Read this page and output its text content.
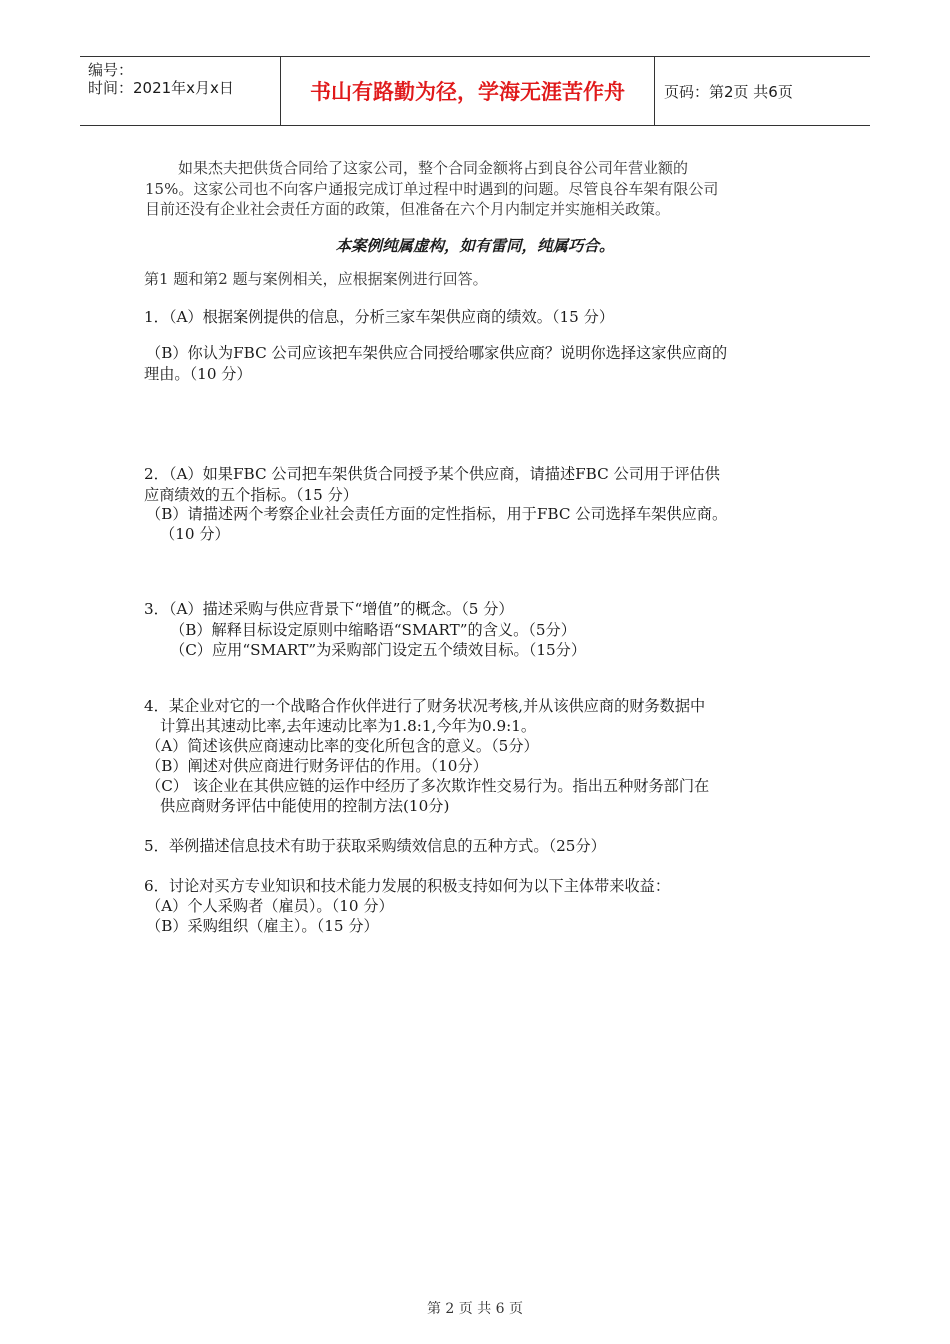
编号：
时间：2021年x月x日	书山有路勤为径，学海无涯苦作舟	页码：第2页 共6页
如果杰夫把供货合同给了这家公司，整个合同金额将占到良谷公司年营业额的
15%。这家公司也不向客户通报完成订单过程中时遇到的问题。尽管良谷车架有限公司
目前还没有企业社会责任方面的政策，但准备在六个月内制定并实施相关政策。
本案例纯属虚构，如有雷同，纯属巧合。
第1 题和第2 题与案例相关，应根据案例进行回答。
1．（A）根据案例提供的信息，分析三家车架供应商的绩效。（15 分）
（B）你认为FBC 公司应该把车架供应合同授给哪家供应商？说明你选择这家供应商的
理由。（10 分）
2．（A）如果FBC 公司把车架供货合同授予某个供应商，请描述FBC 公司用于评估供
应商绩效的五个指标。（15 分）
（B）请描述两个考察企业社会责任方面的定性指标，用于FBC 公司选择车架供应商。
（10 分）
3．（A）描述采购与供应背景下“增值”的概念。（5 分）
（B）解释目标设定原则中缩略语“SMART”的含义。（5分）
（C）应用“SMART”为采购部门设定五个绩效目标。（15分）
4．某企业对它的一个战略合作伙伴进行了财务状况考核,并从该供应商的财务数据中
计算出其速动比率,去年速动比率为1.8:1,今年为0.9:1。
（A）简述该供应商速动比率的变化所包含的意义。（5分）
（B）阐述对供应商进行财务评估的作用。（10分）
（C） 该企业在其供应链的运作中经历了多次欺诈性交易行为。指出五种财务部门在
供应商财务评估中能使用的控制方法(10分)
5．举例描述信息技术有助于获取采购绩效信息的五种方式。（25分）
6．讨论对买方专业知识和技术能力发展的积极支持如何为以下主体带来收益：
（A）个人采购者（雇员）。（10 分）
（B）采购组织（雇主）。（15 分）
第 2 页 共 6 页
